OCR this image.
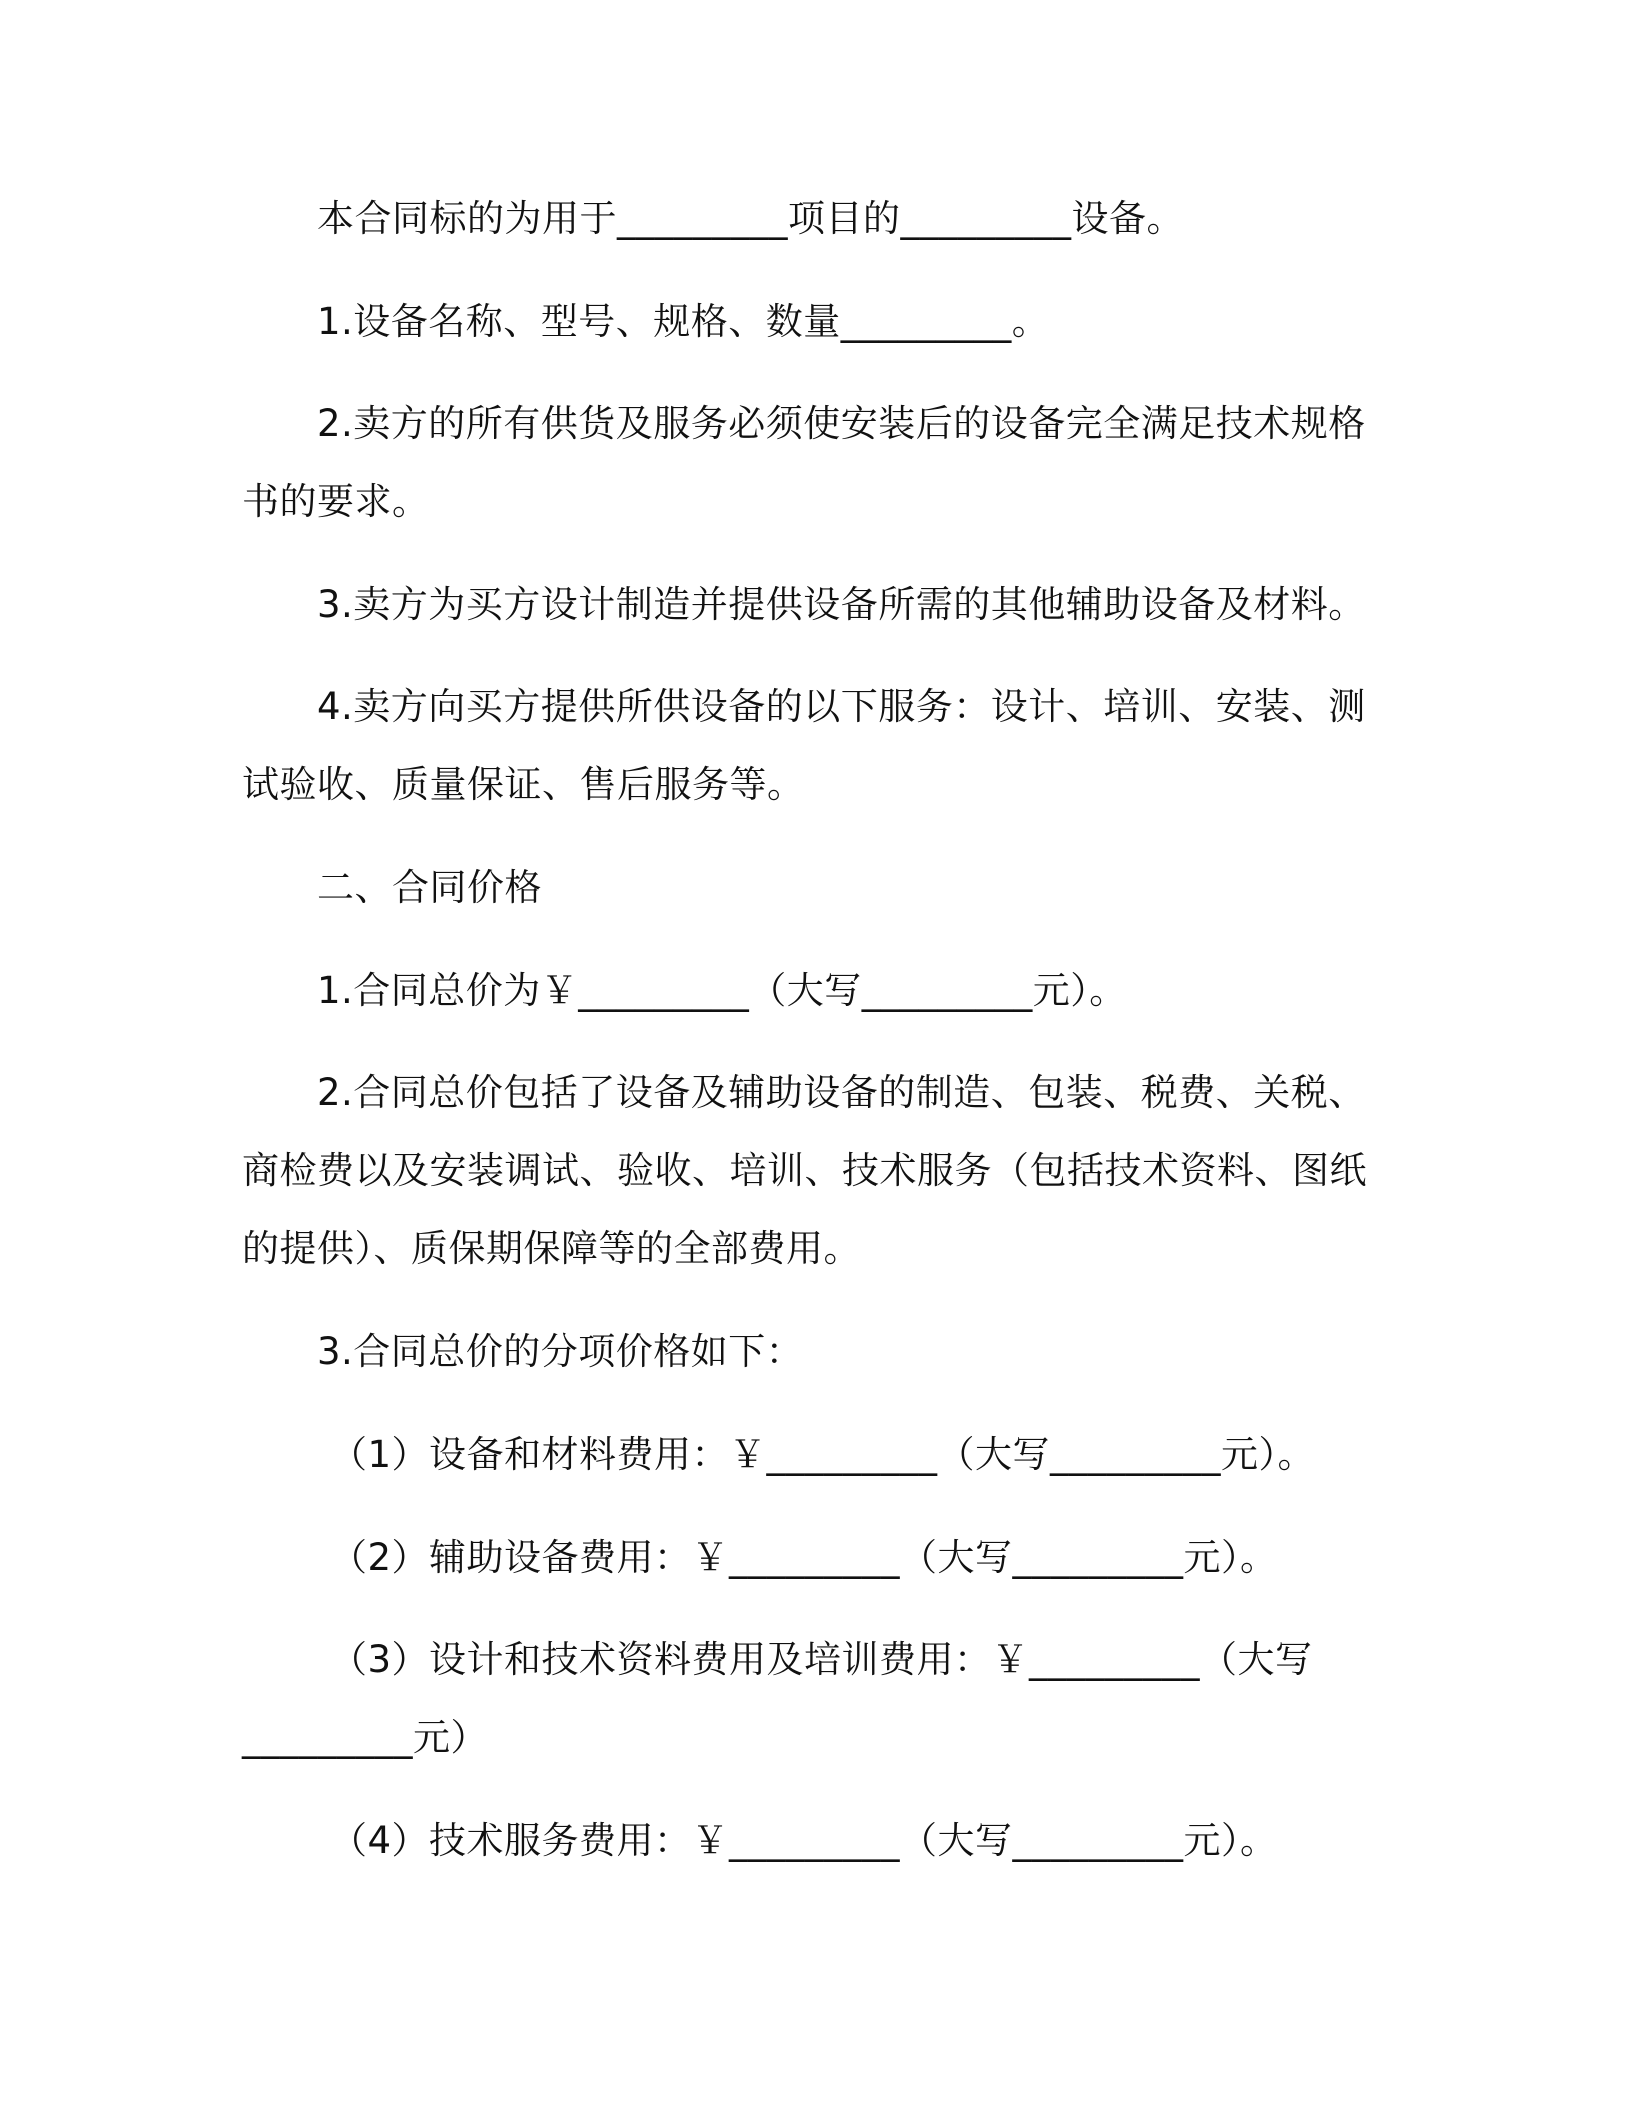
本合同标的为用于_________项目的_________设备。
1.设备名称、型号、规格、数量_________。
2.卖方的所有供货及服务必须使安装后的设备完全满足技术规格
书的要求。
3.卖方为买方设计制造并提供设备所需的其他辅助设备及材料。
4.卖方向买方提供所供设备的以下服务：设计、培训、安装、测
试验收、质量保证、售后服务等。
二、合同价格
1.合同总价为￥_________（大写_________元）。
2.合同总价包括了设备及辅助设备的制造、包装、税费、关税、
商检费以及安装调试、验收、培训、技术服务（包括技术资料、图纸
的提供）、质保期保障等的全部费用。
3.合同总价的分项价格如下：
（1）设备和材料费用：￥_________（大写_________元）。
（2）辅助设备费用：￥_________（大写_________元）。
（3）设计和技术资料费用及培训费用：￥_________（大写
_________元）
（4）技术服务费用：￥_________（大写_________元）。
